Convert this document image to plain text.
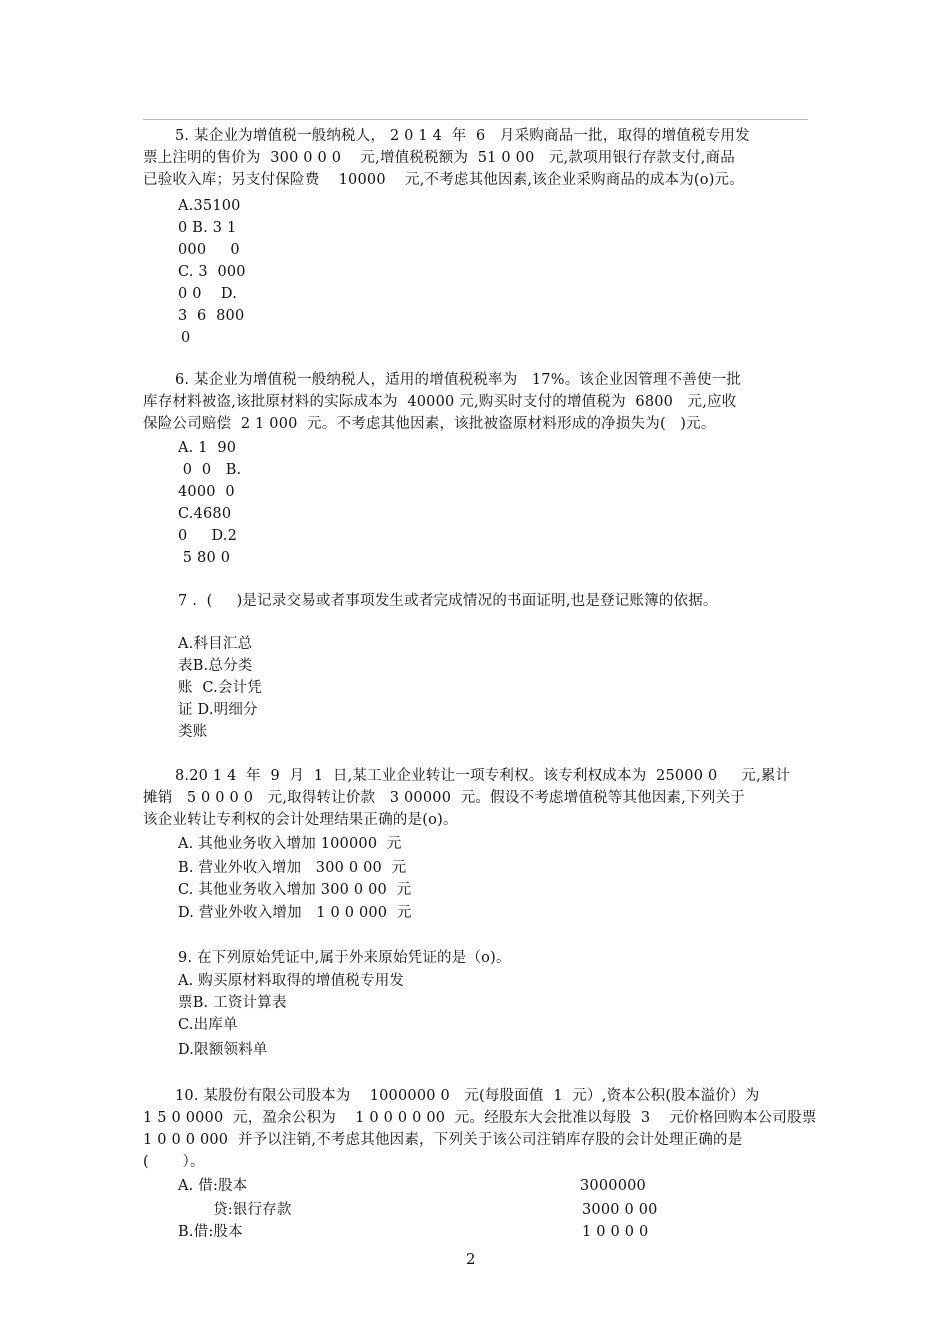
5. 某企业为增值税一般纳税人， 2 0 1 4  年  6   月采购商品一批，取得的增值税专用发
票上注明的售价为  300 0 0 0    元,增值税税额为  51 0 00   元,款项用银行存款支付,商品
已验收入库；另支付保险费    10000    元,不考虑其他因素,该企业采购商品的成本为(o)元。
A.35100
0 B. 3 1
000     0
C. 3  000
0 0    D.
3  6  800
0
6. 某企业为增值税一般纳税人，适用的增值税税率为   17%。该企业因管理不善使一批
库存材料被盗,该批原材料的实际成本为  40000 元,购买时支付的增值税为  6800   元,应收
保险公司赔偿  2 1 000  元。不考虑其他因素，该批被盗原材料形成的净损失为(   )元。
A. 1  90
0  0   B.
4000  0
C.4680
0     D.2
5 80 0
7 .  (     )是记录交易或者事项发生或者完成情况的书面证明,也是登记账簿的依据。
A.科目汇总
表B.总分类
账  C.会计凭
证 D.明细分
类账
8.20 1 4  年  9  月  1  日,某工业企业转让一项专利权。该专利权成本为  25000 0     元,累计
摊销   5 0 0 0 0   元,取得转让价款   3 00000  元。假设不考虑增值税等其他因素,下列关于
该企业转让专利权的会计处理结果正确的是(o)。
A. 其他业务收入增加 100000  元
B. 营业外收入增加   300 0 00  元
C. 其他业务收入增加 300 0 00  元
D. 营业外收入增加   1 0 0 000  元
9. 在下列原始凭证中,属于外来原始凭证的是（o)。
A. 购买原材料取得的增值税专用发
票B. 工资计算表
C.出库单
D.限额领料单
10. 某股份有限公司股本为    1000000 0   元(每股面值  1  元）,资本公积(股本溢价）为
1 5 0 0000  元，盈余公积为    1 0 0 0 0 00  元。经股东大会批准以每股  3    元价格回购本公司股票
1 0 0 0 000  并予以注销,不考虑其他因素，下列关于该公司注销库存股的会计处理正确的是
(       ）。
A. 借:股本	3000000
贷:银行存款	3000 0 00
B.借:股本	1 0 0 0 0
2
